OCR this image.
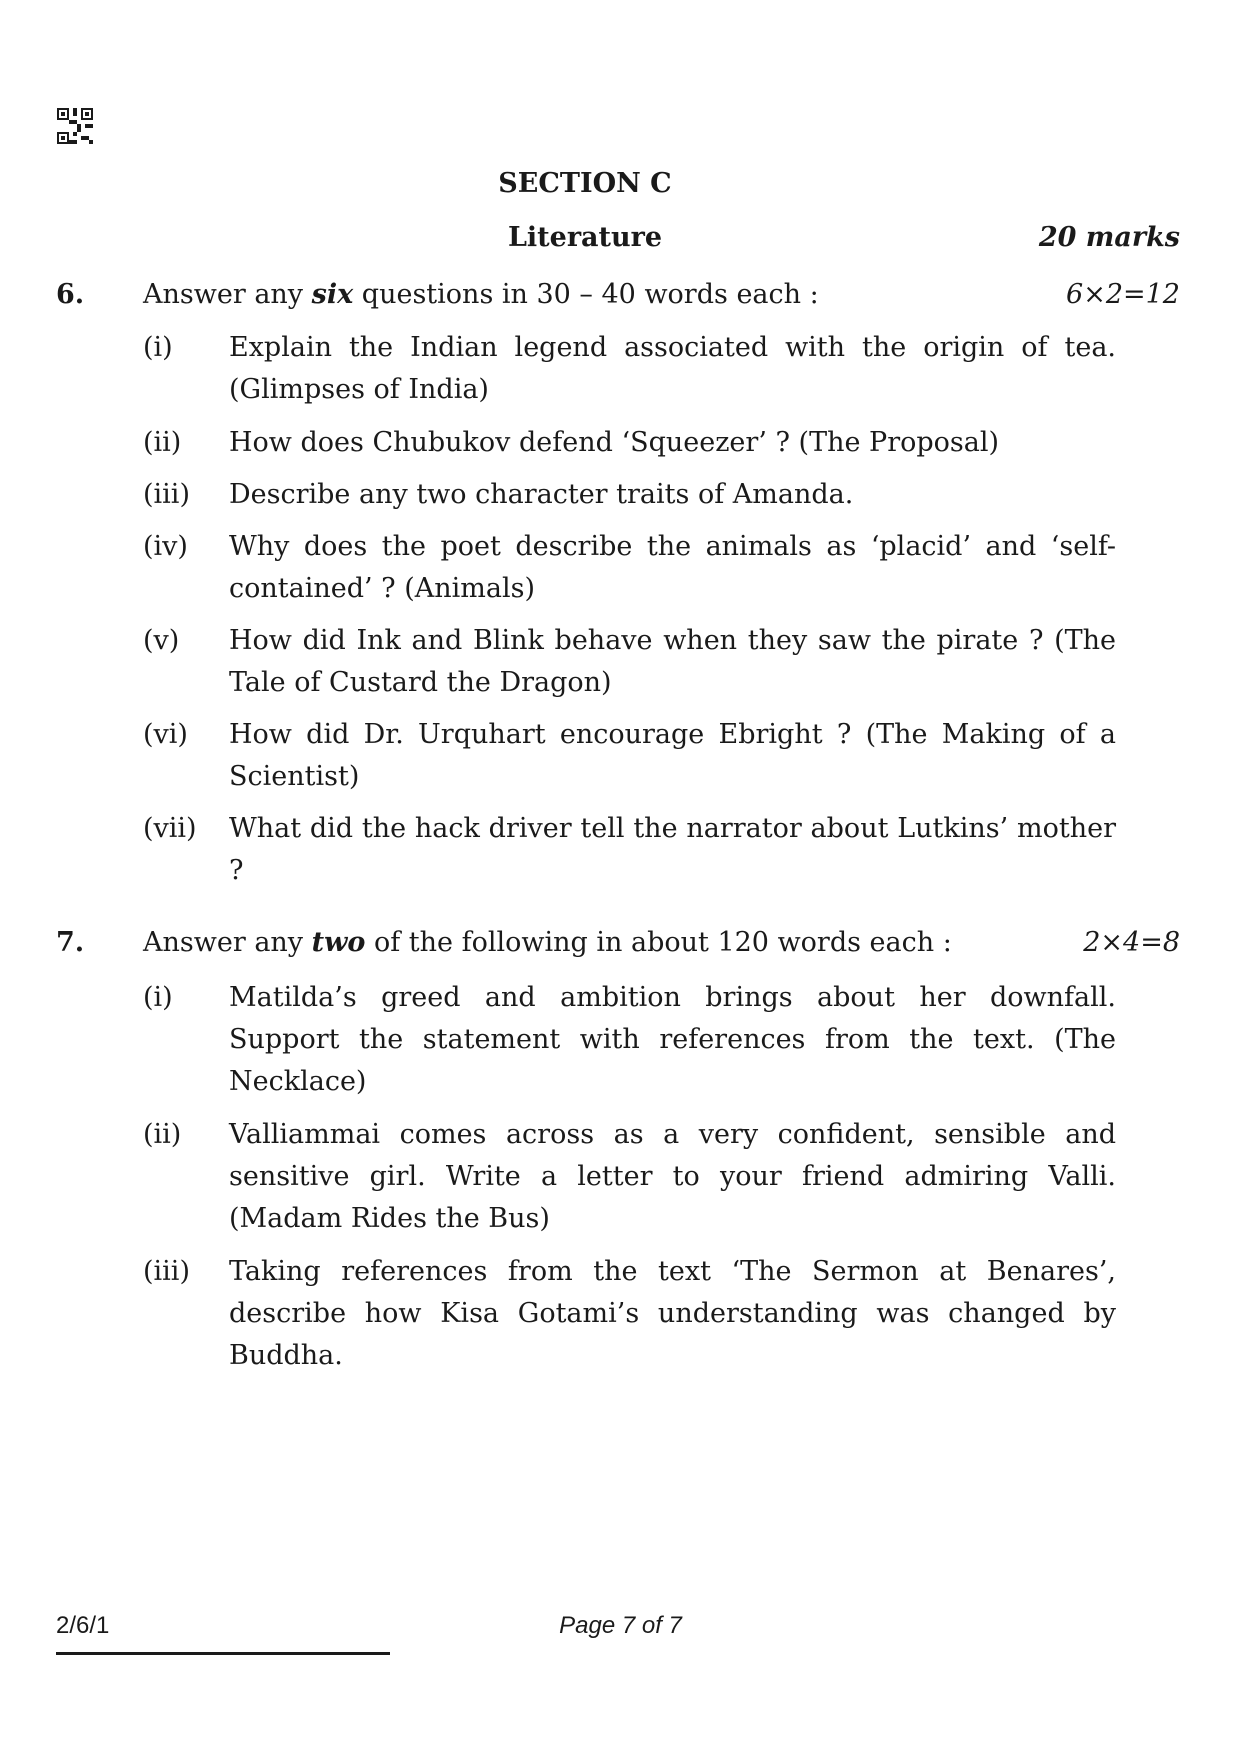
SECTION C
Literature	20 marks
6. Answer any six questions in 30 – 40 words each :	6×2=12
(i)	Explain the Indian legend associated with the origin of tea. (Glimpses of India)
(ii)	How does Chubukov defend ‘Squeezer’ ? (The Proposal)
(iii)	Describe any two character traits of Amanda.
(iv)	Why does the poet describe the animals as ‘placid’ and ‘self-contained’ ? (Animals)
(v)	How did Ink and Blink behave when they saw the pirate ? (The Tale of Custard the Dragon)
(vi)	How did Dr. Urquhart encourage Ebright ? (The Making of a Scientist)
(vii)	What did the hack driver tell the narrator about Lutkins’ mother ?
7. Answer any two of the following in about 120 words each :	2×4=8
(i)	Matilda’s greed and ambition brings about her downfall. Support the statement with references from the text. (The Necklace)
(ii)	Valliammai comes across as a very confident, sensible and sensitive girl. Write a letter to your friend admiring Valli. (Madam Rides the Bus)
(iii)	Taking references from the text ‘The Sermon at Benares’, describe how Kisa Gotami’s understanding was changed by Buddha.
2/6/1	Page 7 of 7
